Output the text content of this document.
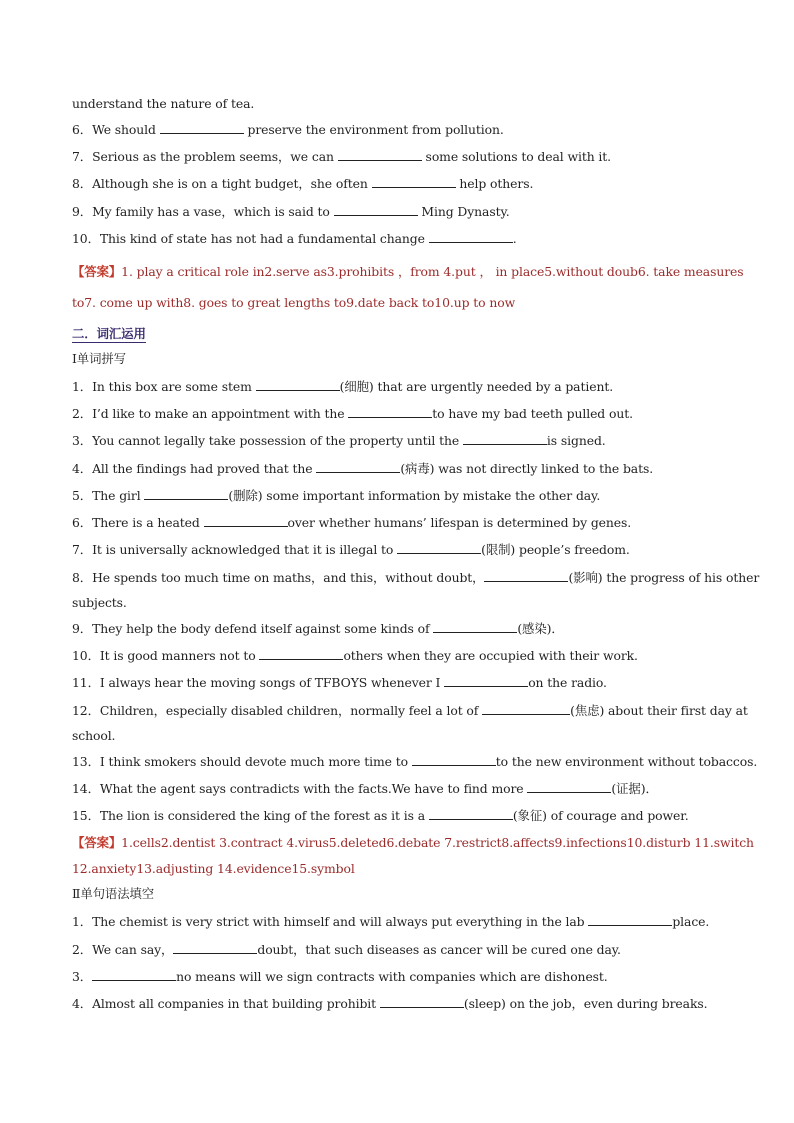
understand the nature of tea.
6．We should	preserve the environment from pollution.
7．Serious as the problem seems，we can	some solutions to deal with it.
8．Although she is on a tight budget，she often	help others.
9．My family has a vase，which is said to	Ming Dynasty.
10．This kind of state has not had a fundamental change	.
【答案】1. play a critical role in2.serve as3.prohibits ，from 4.put ， in place5.without doub6. take measures
to7. come up with8. goes to great lengths to9.date back to10.up to now
二．词汇运用
Ⅰ单词拼写
1．In this box are some stem	(细胞) that are urgently needed by a patient.
2．I’d like to make an appointment with the	to have my bad teeth pulled out.
3．You cannot legally take possession of the property until the	is signed.
4．All the findings had proved that the	(病毒) was not directly linked to the bats.
5．The girl	(删除) some important information by mistake the other day.
6．There is a heated	over whether humans’ lifespan is determined by genes.
7．It is universally acknowledged that it is illegal to	(限制) people’s freedom.
8．He spends too much time on maths，and this，without doubt，	(影响) the progress of his other
subjects.
9．They help the body defend itself against some kinds of	(感染)．
10．It is good manners not to	others when they are occupied with their work.
11．I always hear the moving songs of TFBOYS whenever I	on the radio.
12．Children，especially disabled children，normally feel a lot of	(焦虑) about their first day at
school.
13．I think smokers should devote much more time to	to the new environment without tobaccos.
14．What the agent says contradicts with the facts.We have to find more	(证据)．
15．The lion is considered the king of the forest as it is a	(象征) of courage and power.
【答案】1.cells2.dentist 3.contract 4.virus5.deleted6.debate 7.restrict8.affects9.infections10.disturb 11.switch
12.anxiety13.adjusting 14.evidence15.symbol
Ⅱ单句语法填空
1．The chemist is very strict with himself and will always put everything in the lab	place.
2．We can say，	doubt，that such diseases as cancer will be cured one day.
3．	no means will we sign contracts with companies which are dishonest.
4．Almost all companies in that building prohibit	(sleep) on the job，even during breaks.
